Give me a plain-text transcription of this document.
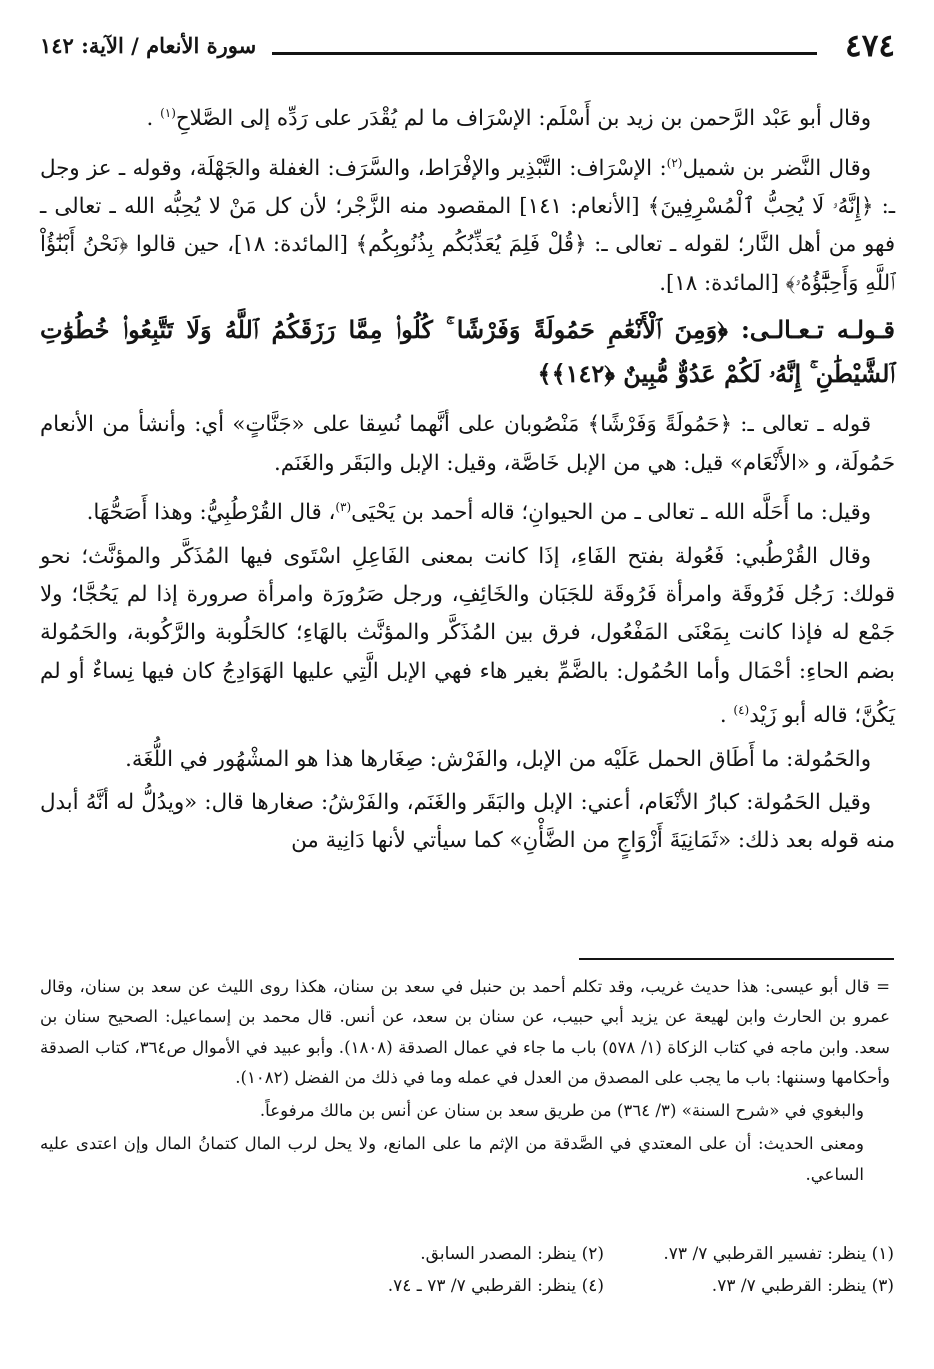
٤٧٤
سورة الأنعام / الآية: ١٤٢

وقال أبو عَبْد الرَّحمن بن زيد بن أَسْلَم: الإسْرَاف ما لم يُقْدَر على رَدِّه إلى الصَّلاحِ$^{(١)}$ .

وقال النَّضر بن شميل$^{(٢)}$: الإسْرَاف: التَّبْذِير والإفْرَاط، والسَّرَف: الغفلة والجَهْلَة، وقوله ـ عز وجل ـ: ﴿إِنَّهُۥ لَا يُحِبُّ ٱلْمُسْرِفِينَ﴾ [الأنعام: ١٤١] المقصود منه الزَّجْر؛ لأن كل مَنْ لا يُحِبُّه الله ـ تعالى ـ فهو من أهل النَّار؛ لقوله ـ تعالى ـ: ﴿قُلْ فَلِمَ يُعَذِّبُكُم بِذُنُوبِكُم﴾ [المائدة: ١٨]، حين قالوا ﴿نَحْنُ أَبْنَٰٓؤُاْ ٱللَّهِ وَأَحِبَّٰٓؤُهُۥ﴾ [المائدة: ١٨].

قـولـه تـعـالـى: ﴿وَمِنَ ٱلْأَنْعَٰمِ حَمُولَةً وَفَرْشًا ۚ كُلُوا۟ مِمَّا رَزَقَكُمُ ٱللَّهُ وَلَا تَتَّبِعُوا۟ خُطُوَٰتِ ٱلشَّيْطَٰنِ ۚ إِنَّهُۥ لَكُمْ عَدُوٌّ مُّبِينٌ ﴿١٤٢﴾﴾

قوله ـ تعالى ـ: ﴿حَمُولَةً وَفَرْشًا﴾ مَنْصُوبان على أنَّهما نُسِقا على «جَنَّاتٍ» أي: وأنشأ من الأنعام حَمُولَة، و «الأَنْعَام» قيل: هي من الإبل خَاصَّة، وقيل: الإبل والبَقَر والغَنَم.

وقيل: ما أَحَلَّه الله ـ تعالى ـ من الحيوانِ؛ قاله أحمد بن يَحْيَى$^{(٣)}$، قال القُرْطُبِيُّ: وهذا أَصَحُّهَا.

وقال القُرْطُبي: فَعُولة بفتح الفَاءِ، إذَا كانت بمعنى الفَاعِلِ اسْتَوى فيها المُذَكَّر والمؤنَّث؛ نحو قولك: رَجُل فَرُوقَة وامرأة فَرُوقَة للجَبَان والخَائِفِ، ورجل صَرُورَة وامرأة صرورة إذا لم يَحُجَّا؛ ولا جَمْع له فإذا كانت بِمَعْنَى المَفْعُول، فرق بين المُذَكَّر والمؤنَّث بالهَاءِ؛ كالحَلُوبة والرَّكُوبة، والحَمُولة بضم الحاءِ: أحْمَال وأما الحُمُول: بالضَّمِّ بغير هاء فهي الإبل الَّتِي عليها الهَوَادِجُ كان فيها نِساءٌ أو لم يَكُنَّ؛ قاله أبو زَيْد$^{(٤)}$ .

والحَمُولة: ما أَطَاق الحمل عَلَيْه من الإبل، والفَرْش: صِغَارها هذا هو المشْهُور في اللُّغَة.

وقيل الحَمُولة: كبارُ الأنْعَام، أعني: الإبل والبَقَر والغَنَم، والفَرْشُ: صغارها قال: «ويدُلُّ له أنَّهُ أبدل منه قوله بعد ذلك: «ثَمَانِيَةَ أَزْوَاجٍ من الضَّأْنِ» كما سيأتي لأنها دَانِية من

= قال أبو عيسى: هذا حديث غريب، وقد تكلم أحمد بن حنبل في سعد بن سنان، هكذا روى الليث عن سعد بن سنان، وقال عمرو بن الحارث وابن لهيعة عن يزيد أبي حبيب، عن سنان بن سعد، عن أنس. قال محمد بن إسماعيل: الصحيح سنان بن سعد. وابن ماجه في كتاب الزكاة (١/ ٥٧٨) باب ما جاء في عمال الصدقة (١٨٠٨). وأبو عبيد في الأموال ص٣٦٤، كتاب الصدقة وأحكامها وسننها: باب ما يجب على المصدق من العدل في عمله وما في ذلك من الفضل (١٠٨٢).

والبغوي في «شرح السنة» (٣/ ٣٦٤) من طريق سعد بن سنان عن أنس بن مالك مرفوعاً.

ومعنى الحديث: أن على المعتدي في الصَّدقة من الإثم ما على المانع، ولا يحل لرب المال كتمانُ المال وإن اعتدى عليه الساعي.

(١) ينظر: تفسير القرطبي ٧/ ٧٣.
(٢) ينظر: المصدر السابق.
(٣) ينظر: القرطبي ٧/ ٧٣.
(٤) ينظر: القرطبي ٧/ ٧٣ ـ ٧٤.
